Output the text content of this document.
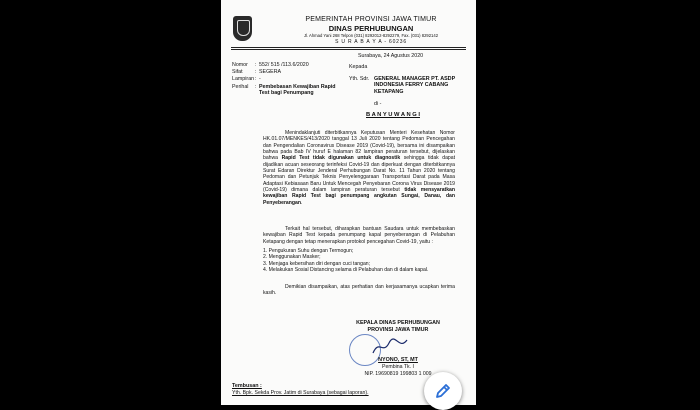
PEMERINTAH PROVINSI JAWA TIMUR
DINAS PERHUBUNGAN
Jl. Ahmad Yani 268 Telpon (031) 8292012-8292279, Fax. (031) 8292142
S U R A B A Y A - 60236
Surabaya, 24 Agustus 2020
Nomor : 552/ 515 /113.6/2020
Sifat : SEGERA
Lampiran : -
Perihal : Pembebasan Kewajiban Rapid Test bagi Penumpang
Kepada
Yth. Sdr. GENERAL MANAGER PT. ASDP INDONESIA FERRY CABANG KETAPANG
di -
B A N Y U W A N G I
Menindaklanjuti diterbitkannya Keputusan Menteri Kesehatan Nomor HK.01.07/MENKES/413/2020 tanggal 13 Juli 2020 tentang Pedoman Pencegahan dan Pengendalian Coronavirus Disease 2019 (Covid-19), bersama ini disampaikan bahwa pada Bab IV huruf E halaman 82 lampiran peraturan tersebut, dijelaskan bahwa Rapid Test tidak digunakan untuk diagnostik sehingga tidak dapat dijadikan acuan seseorang terinfeksi Covid-19 dan diperkuat dengan diterbitkannya Surat Edaran Direktur Jenderal Perhubungan Darat No. 11 Tahun 2020 tentang Pedoman dan Petunjuk Teknis Penyelenggaraan Transportasi Darat pada Masa Adaptasi Kebiasaan Baru Untuk Mencegah Penyebaran Corona Virus Disease 2019 (Covid-19) dimana dalam lampiran peraturan tersebut tidak mensyaratkan kewajiban Rapid Test bagi penumpang angkutan Sungai, Danau, dan Penyeberangan.
Terkait hal tersebut, diharapkan bantuan Saudara untuk membebaskan kewajiban Rapid Test kepada penumpang kapal penyeberangan di Pelabuhan Ketapang dengan tetap menerapkan protokol pencegahan Covid-19, yaitu :
1. Pengukuran Suhu dengan Termogun;
2. Menggunakan Masker;
3. Menjaga kebersihan diri dengan cuci tangan;
4. Melakukan Sosial Distancing selama di Pelabuhan dan di dalam kapal.
Demikian disampaikan, atas perhatian dan kerjasamanya ucapkan terima kasih.
KEPALA DINAS PERHUBUNGAN
PROVINSI JAWA TIMUR
NYONO, ST, MT
Pembina Tk. I
NIP. 19690819 199803 1 009
Tembusan :
Yth. Bpk. Sekda Prov. Jatim di Surabaya (sebagai laporan).
